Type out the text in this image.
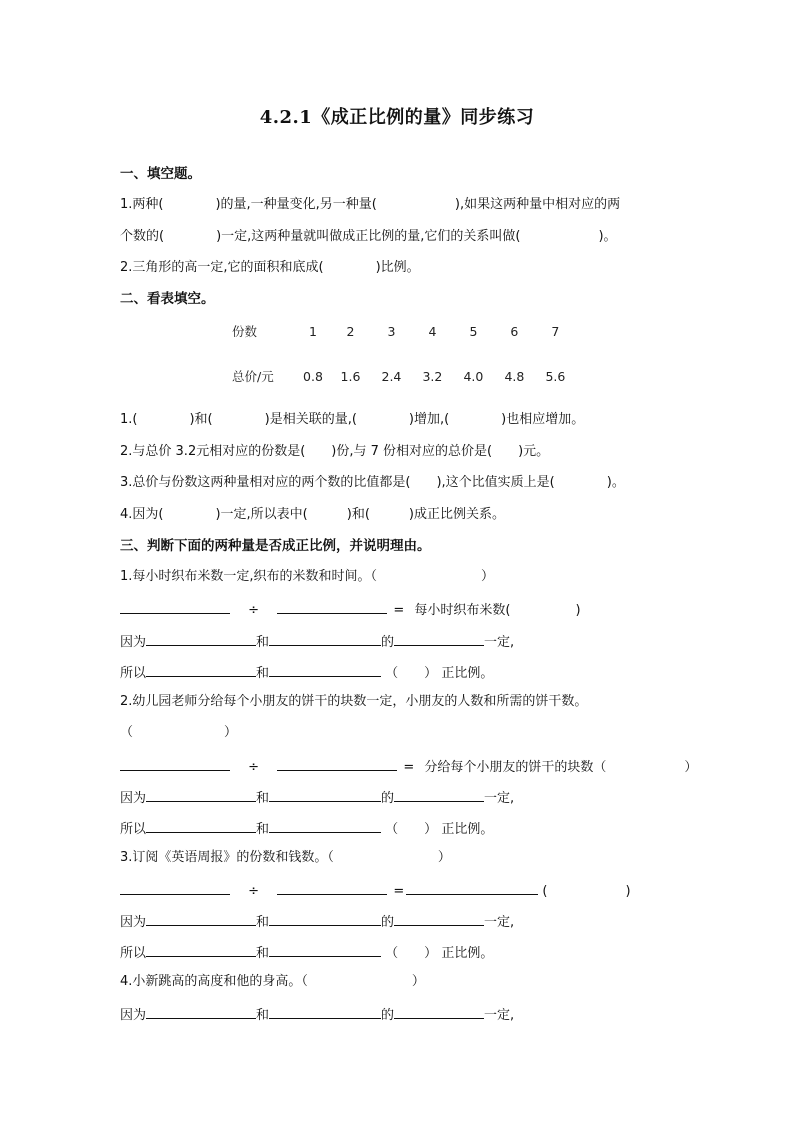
4.2.1《成正比例的量》同步练习
一、填空题。
1.两种(　　　　)的量,一种量变化,另一种量(　　　　　　),如果这两种量中相对应的两
个数的(　　　　)一定,这两种量就叫做成正比例的量,它们的关系叫做(　　　　　　)。
2.三角形的高一定,它的面积和底成(　　　　)比例。
二、看表填空。
份数	1 2	3	4	5	6	7
总价/元 0.8 1.6 2.4 3.2 4.0 4.8 5.6
1.(　　　　)和(　　　　)是相关联的量,(　　　　)增加,(　　　　)也相应增加。
2.与总价 3.2元相对应的份数是(　　)份,与 7 份相对应的总价是(　　)元。
3.总价与份数这两种量相对应的两个数的比值都是(　　),这个比值实质上是(　　　　)。
4.因为(　　　　)一定,所以表中(　　　)和(　　　)成正比例关系。
三、判断下面的两种量是否成正比例，并说明理由。
1.每小时织布米数一定,织布的米数和时间。（　　　　　　　　）
÷	= 每小时织布米数(　　　　　)
因为	和	的	一定,
所以	和	（　　） 正比例。
2.幼儿园老师分给每个小朋友的饼干的块数一定，小朋友的人数和所需的饼干数。
（　　　　　　　）
÷	= 分给每个小朋友的饼干的块数（　　　　　　）
因为	和	的	一定,
所以	和	（　　） 正比例。
3.订阅《英语周报》的份数和钱数。（　　　　　　　　）
÷	=	(　　　　　　)
因为	和	的	一定,
所以	和	（　　） 正比例。
4.小新跳高的高度和他的身高。（　　　　　　　　）
因为	和	的	一定,
